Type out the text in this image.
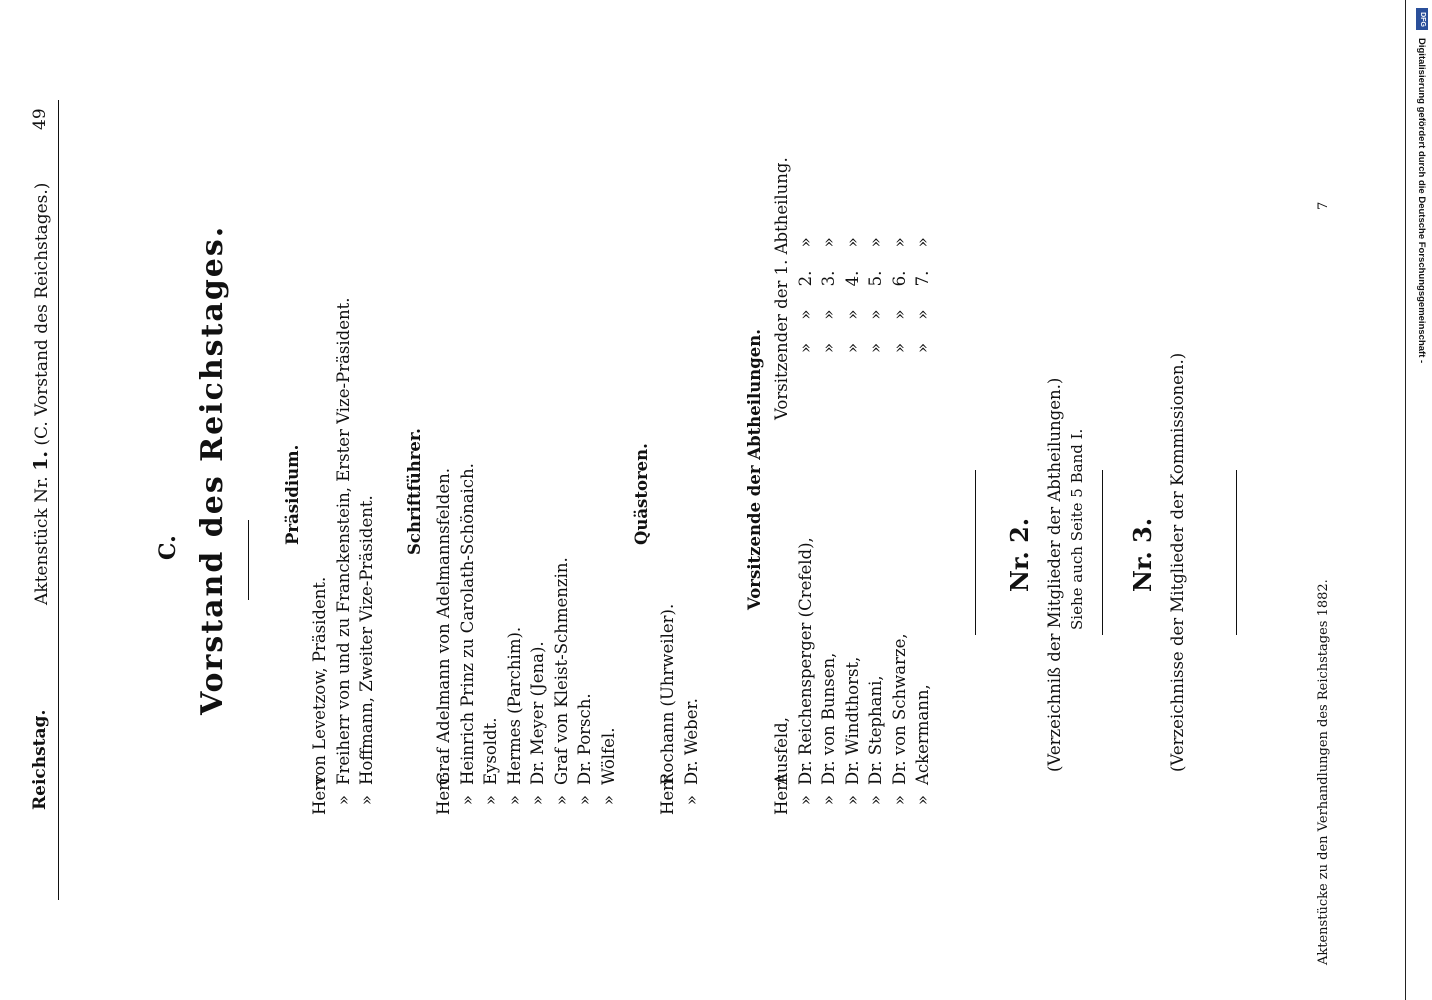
Reichstag.
Aktenstück Nr. 1. (C. Vorstand des Reichstages.)
49
C. Vorstand des Reichstages.	Präsidium.
Herrvon Levetzow, Präsident.
»Freiherr von und zu Franckenstein, Erster Vize-Präsident.
»Hoffmann, Zweiter Vize-Präsident.
Schriftführer.
HerrGraf Adelmann von Adelmannsfelden.
»Heinrich Prinz zu Carolath-Schönaich.
»Eysoldt.
»Hermes (Parchim).
»Dr. Meyer (Jena).
»Graf von Kleist-Schmenzin.
»Dr. Porsch.
»Wölfel.
Quästoren.
HerrRochann (Uhrweiler).
»Dr. Weber.
Vorsitzende der Abtheilungen.
HerrAusfeld,
Vorsitzender der 1. Abtheilung.
»Dr. Reichensperger (Crefeld),
» » 2. »
»Dr. von Bunsen,
» » 3. »
»Dr. Windthorst,
» » 4. »
»Dr. Stephani,
» » 5. »
»Dr. von Schwarze,
» » 6. »
»Ackermann,
» » 7. »
Nr. 2. (Verzeichniß der Mitglieder der Abtheilungen.) Siehe auch Seite 5 Band I. Nr. 3. (Verzeichnisse der Mitglieder der Kommissionen.)
Aktenstücke zu den Verhandlungen des Reichstages 1882.
7	Digitalisierung gefördert durch die Deutsche Forschungsgemeinschaft -
DFG
